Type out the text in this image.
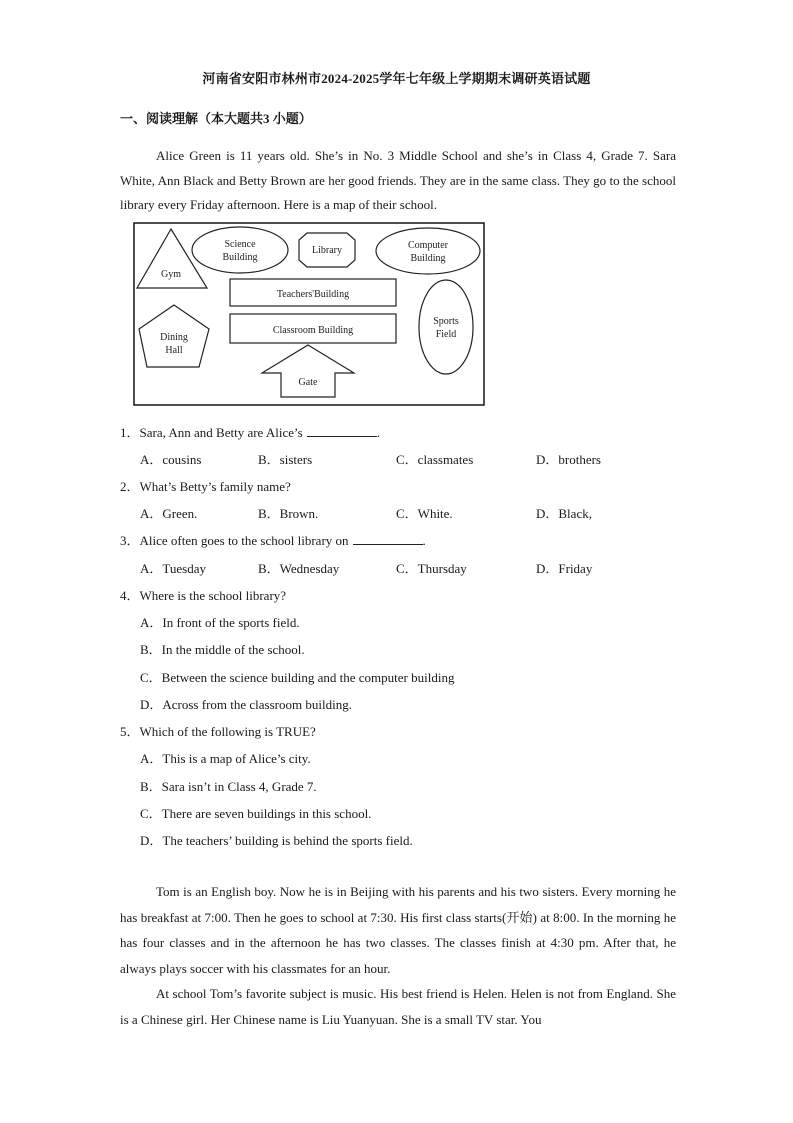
河南省安阳市林州市2024-2025学年七年级上学期期末调研英语试题
一、阅读理解（本大题共3 小题）

Alice Green is 11 years old. She’s in No. 3 Middle School and she’s in Class 4, Grade 7. Sara White, Ann Black and Betty Brown are her good friends. They are in the same class. They go to the school library every Friday afternoon. Here is a map of their school.

Gym
Science
Building
Library	Computer
Building
Teachers'Building
Classroom Building
Sports
Field
Dining
Hall
Gate
1．Sara, Ann and Betty are Alice’s	.
A．cousins	B．sisters	C．classmates	D．brothers
2．What’s Betty’s family name?
A．Green.	B．Brown.	C．White.	D．Black,
3．Alice often goes to the school library on	.
A．Tuesday	B．Wednesday	C．Thursday	D．Friday
4．Where is the school library?
A．In front of the sports field.
B．In the middle of the school.
C．Between the science building and the computer building
D．Across from the classroom building.
5．Which of the following is TRUE?
A．This is a map of Alice’s city.
B．Sara isn’t in Class 4, Grade 7.
C．There are seven buildings in this school.
D．The teachers’ building is behind the sports field.

Tom is an English boy. Now he is in Beijing with his parents and his two sisters. Every morning he has breakfast at 7:00. Then he goes to school at 7:30. His first class starts(开始) at 8:00. In the morning he has four classes and in the afternoon he has two classes. The classes finish at 4:30 pm. After that, he always plays soccer with his classmates for an hour.

At school Tom’s favorite subject is music. His best friend is Helen. Helen is not from England. She is a Chinese girl. Her Chinese name is Liu Yuanyuan. She is a small TV star. You
